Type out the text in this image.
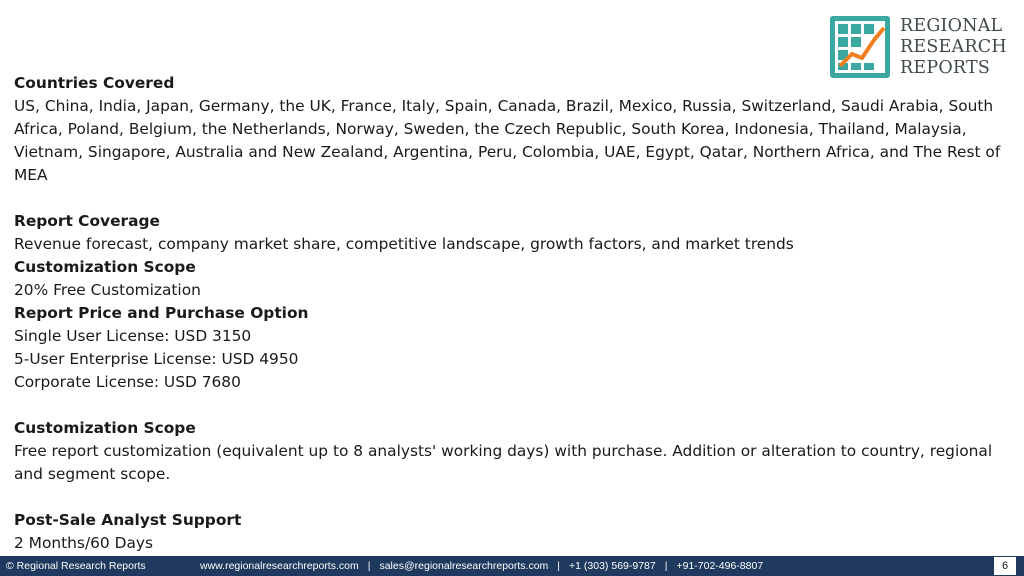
REGIONAL
RESEARCH
REPORTS
Countries Covered
US, China, India, Japan, Germany, the UK, France, Italy, Spain, Canada, Brazil, Mexico, Russia, Switzerland, Saudi Arabia, South Africa, Poland, Belgium, the Netherlands, Norway, Sweden, the Czech Republic, South Korea, Indonesia, Thailand, Malaysia, Vietnam, Singapore, Australia and New Zealand, Argentina, Peru, Colombia, UAE, Egypt, Qatar, Northern Africa, and The Rest of MEA
Report Coverage
Revenue forecast, company market share, competitive landscape, growth factors, and market trends
Customization Scope
20% Free Customization
Report Price and Purchase Option
Single User License: USD 3150
5-User Enterprise License: USD 4950
Corporate License: USD 7680
Customization Scope
Free report customization (equivalent up to 8 analysts' working days) with purchase. Addition or alteration to country, regional and segment scope.
Post-Sale Analyst Support
2 Months/60 Days
© Regional Research Reports	www.regionalresearchreports.com | sales@regionalresearchreports.com | +1 (303) 569-9787 | +91-702-496-8807	6
